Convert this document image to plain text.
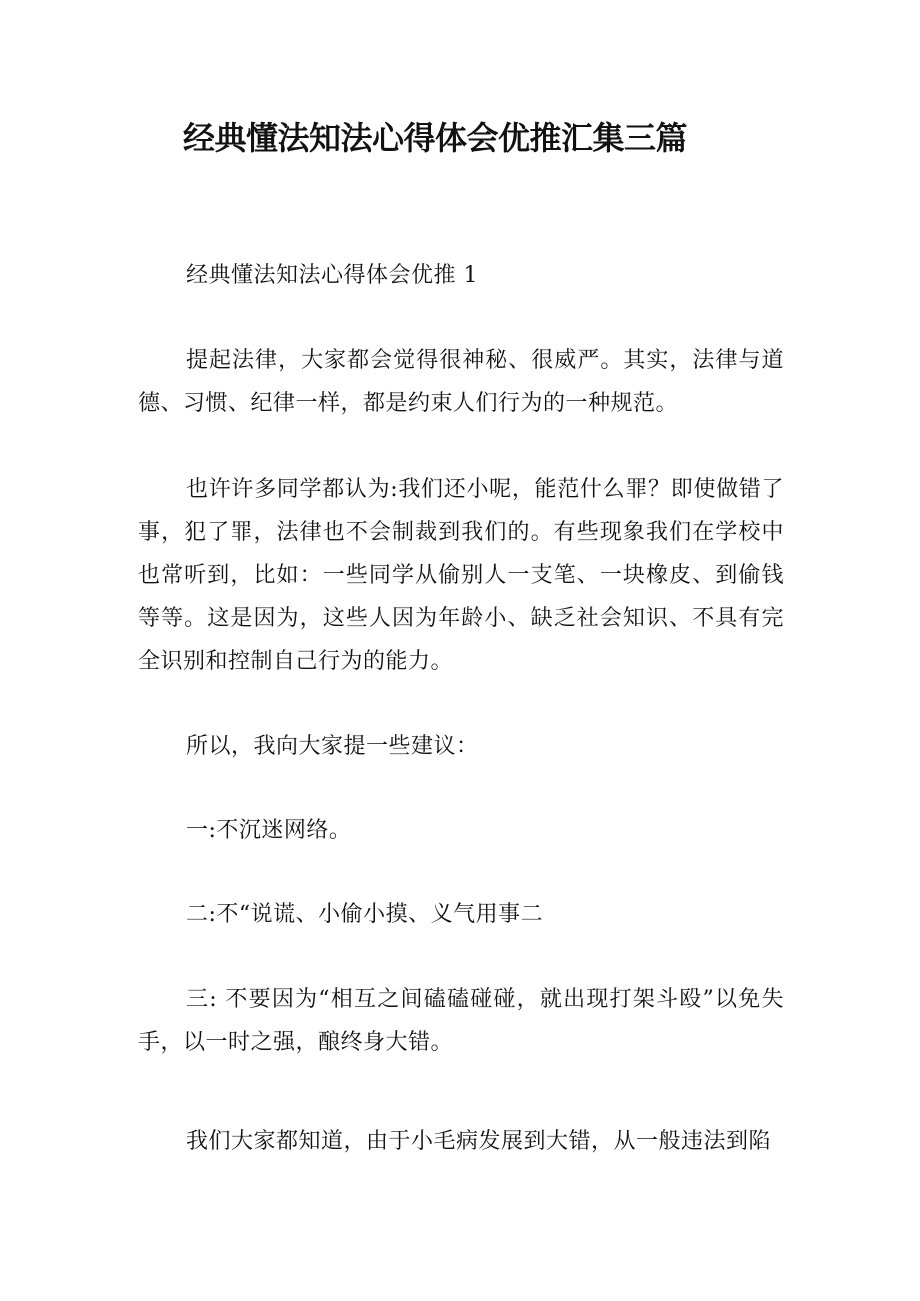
经典懂法知法心得体会优推汇集三篇

经典懂法知法心得体会优推 1

提起法律，大家都会觉得很神秘、很威严。其实，法律与道德、习惯、纪律一样，都是约束人们行为的一种规范。

也许许多同学都认为:我们还小呢，能范什么罪？即使做错了事，犯了罪，法律也不会制裁到我们的。有些现象我们在学校中也常听到，比如：一些同学从偷别人一支笔、一块橡皮、到偷钱等等。这是因为，这些人因为年龄小、缺乏社会知识、不具有完全识别和控制自己行为的能力。

所以，我向大家提一些建议：

一:不沉迷网络。

二:不“说谎、小偷小摸、义气用事二

三: 不要因为“相互之间磕磕碰碰，就出现打架斗殴”以免失手，以一时之强，酿终身大错。

我们大家都知道，由于小毛病发展到大错，从一般违法到陷
